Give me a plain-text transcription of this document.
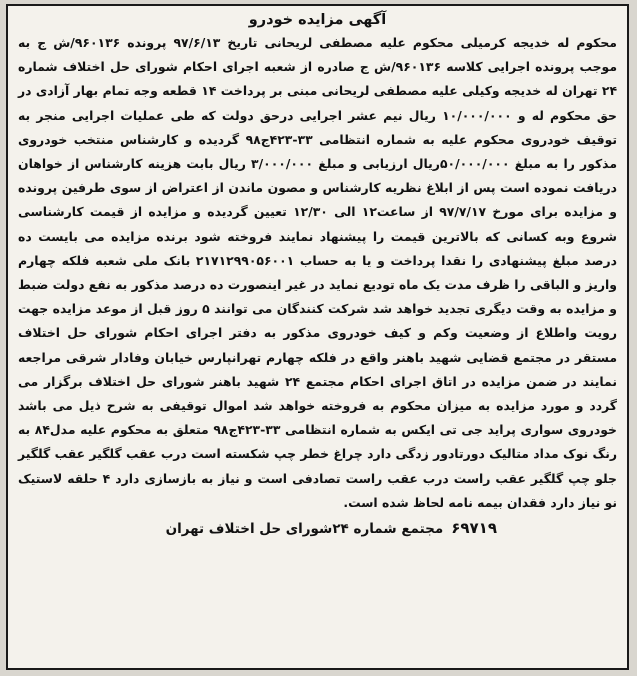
آگهی مزایده خودرو

محکوم له خدیجه کرمیلی محکوم علیه مصطفی لریحانی تاریخ ۹۷/۶/۱۳ پرونده ۹۶۰۱۳۶/ش ج به موجب پرونده اجرایی کلاسه ۹۶۰۱۳۶/ش ج صادره از شعبه اجرای احکام شورای حل اختلاف شماره ۲۴ تهران له خدیجه وکیلی علیه مصطفی لریحانی مبنی بر پرداخت ۱۴ قطعه وجه تمام بهار آزادی در حق محکوم له و ۱۰/۰۰۰/۰۰۰ ریال نیم عشر اجرایی درحق دولت که طی عملیات اجرایی منجر به توقیف خودروی محکوم علیه به شماره انتظامی ۳۳-۴۲۳ج۹۸ گردیده و کارشناس منتخب خودروی مذکور را به مبلغ ۵۰/۰۰۰/۰۰۰ریال ارزیابی و مبلغ ۳/۰۰۰/۰۰۰ ریال بابت هزینه کارشناس از خواهان دریافت نموده است پس از ابلاغ نظریه کارشناس و مصون ماندن از اعتراض از سوی طرفین پرونده و مزایده برای مورخ ۹۷/۷/۱۷ از ساعت۱۲ الی ۱۲/۳۰ تعیین گردیده و مزایده از قیمت کارشناسی شروع وبه کسانی که بالاترین قیمت را پیشنهاد نمایند فروخته شود برنده مزایده می بایست ده درصد مبلغ پیشنهادی را نقدا پرداخت و یا به حساب ۲۱۷۱۲۹۹۰۵۶۰۰۱ بانک ملی شعبه فلکه چهارم واریز و الباقی را ظرف مدت یک ماه تودیع نماید در غیر اینصورت ده درصد مذکور به نفع دولت ضبط و مزایده به وقت دیگری تجدید خواهد شد شرکت کنندگان می توانند ۵ روز قبل از موعد مزایده جهت رویت واطلاع از وضعیت وکم و کیف خودروی مذکور به دفتر اجرای احکام شورای حل اختلاف مستقر در مجتمع قضایی شهید باهنر واقع در فلکه چهارم تهرانپارس خیابان وفادار شرقی مراجعه نمایند در ضمن مزایده در اتاق اجرای احکام مجتمع ۲۴ شهید باهنر شورای حل اختلاف برگزار می گردد و مورد مزایده به میزان محکوم به فروخته خواهد شد اموال توقیفی به شرح ذیل می باشد خودروی سواری پراید جی تی ایکس به شماره انتظامی ۳۳-۴۲۳ج۹۸ متعلق به محکوم علیه مدل۸۴ به رنگ نوک مداد متالیک دورتادور زدگی دارد چراغ خطر چپ شکسته است درب عقب گلگیر عقب گلگیر جلو چپ گلگیر عقب راست درب عقب راست تصادفی است و نیاز به بازسازی دارد ۴ حلقه لاستیک نو نیاز دارد فقدان بیمه نامه لحاظ شده است.

۶۹۷۱۹
مجتمع شماره ۲۴شورای حل اختلاف تهران
